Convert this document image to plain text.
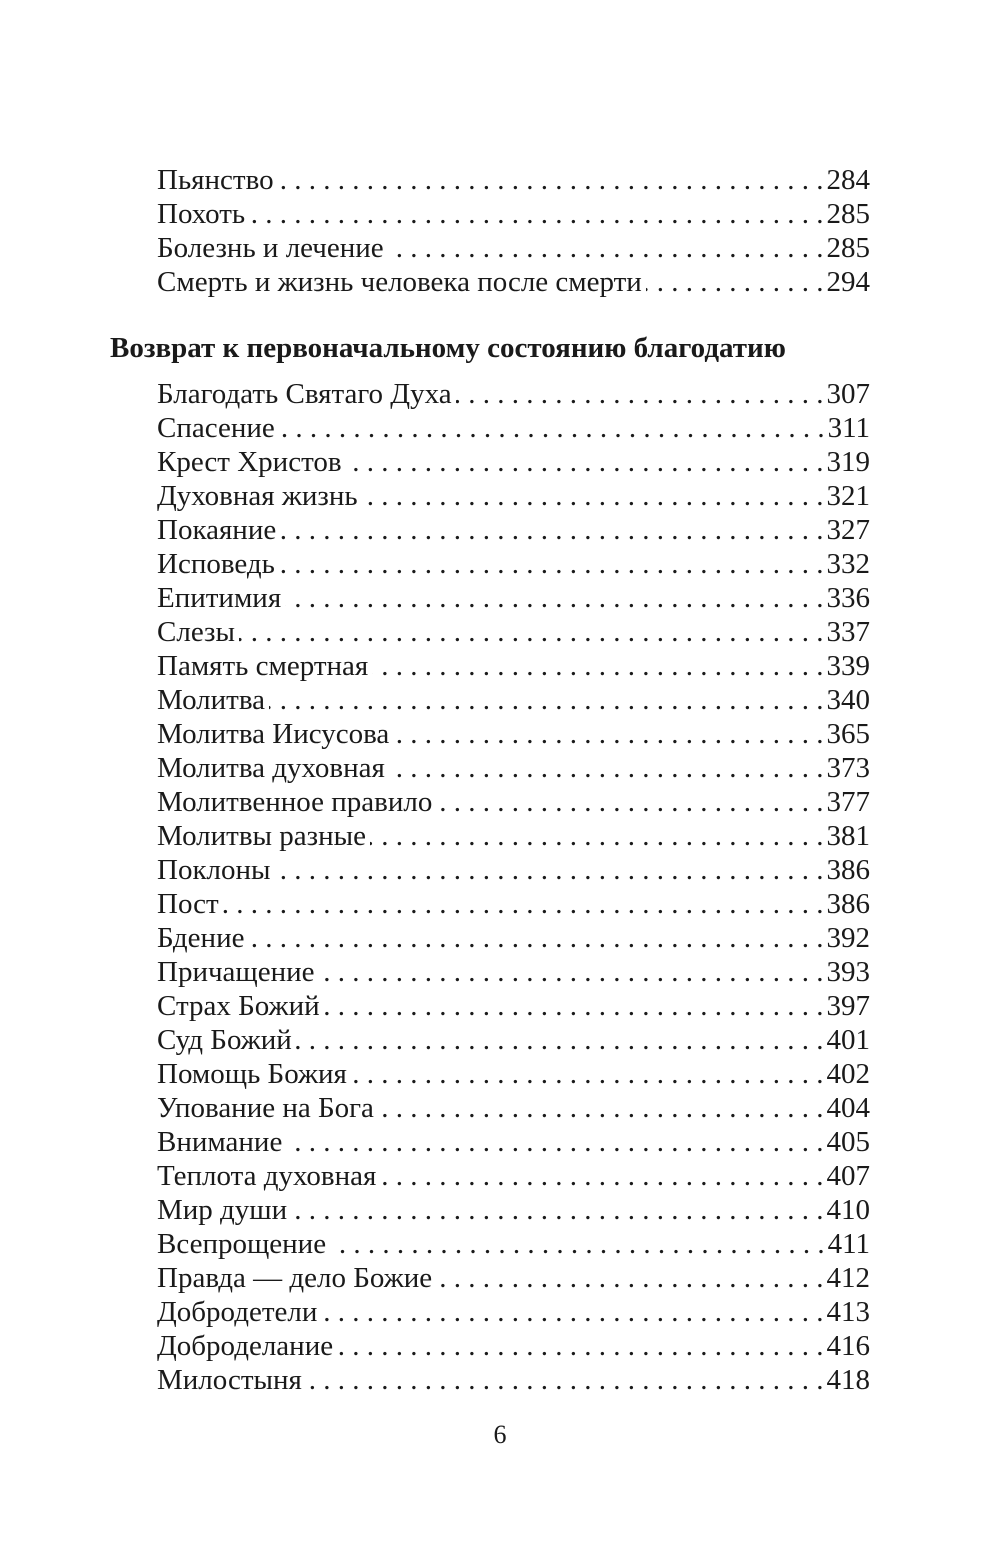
Пьянство . . .	284
Похоть . . .	285
Болезнь и лечение . . .	285
Смерть и жизнь человека после смерти . . .	294
Возврат к первоначальному состоянию благодатию
Благодать Святаго Духа . . .	307
Спасение . . .	311
Крест Христов . . .	319
Духовная жизнь . . .	321
Покаяние . . .	327
Исповедь . . .	332
Епитимия . . .	336
Слезы . . .	337
Память смертная . . .	339
Молитва . . .	340
Молитва Иисусова . . .	365
Молитва духовная . . .	373
Молитвенное правило . . .	377
Молитвы разные . . .	381
Поклоны . . .	386
Пост . . .	386
Бдение . . .	392
Причащение . . .	393
Страх Божий . . .	397
Суд Божий . . .	401
Помощь Божия . . .	402
Упование на Бога . . .	404
Внимание . . .	405
Теплота духовная . . .	407
Мир души . . .	410
Всепрощение . . .	411
Правда — дело Божие . . .	412
Добродетели . . .	413
Доброделание . . .	416
Милостыня . . .	418
6
